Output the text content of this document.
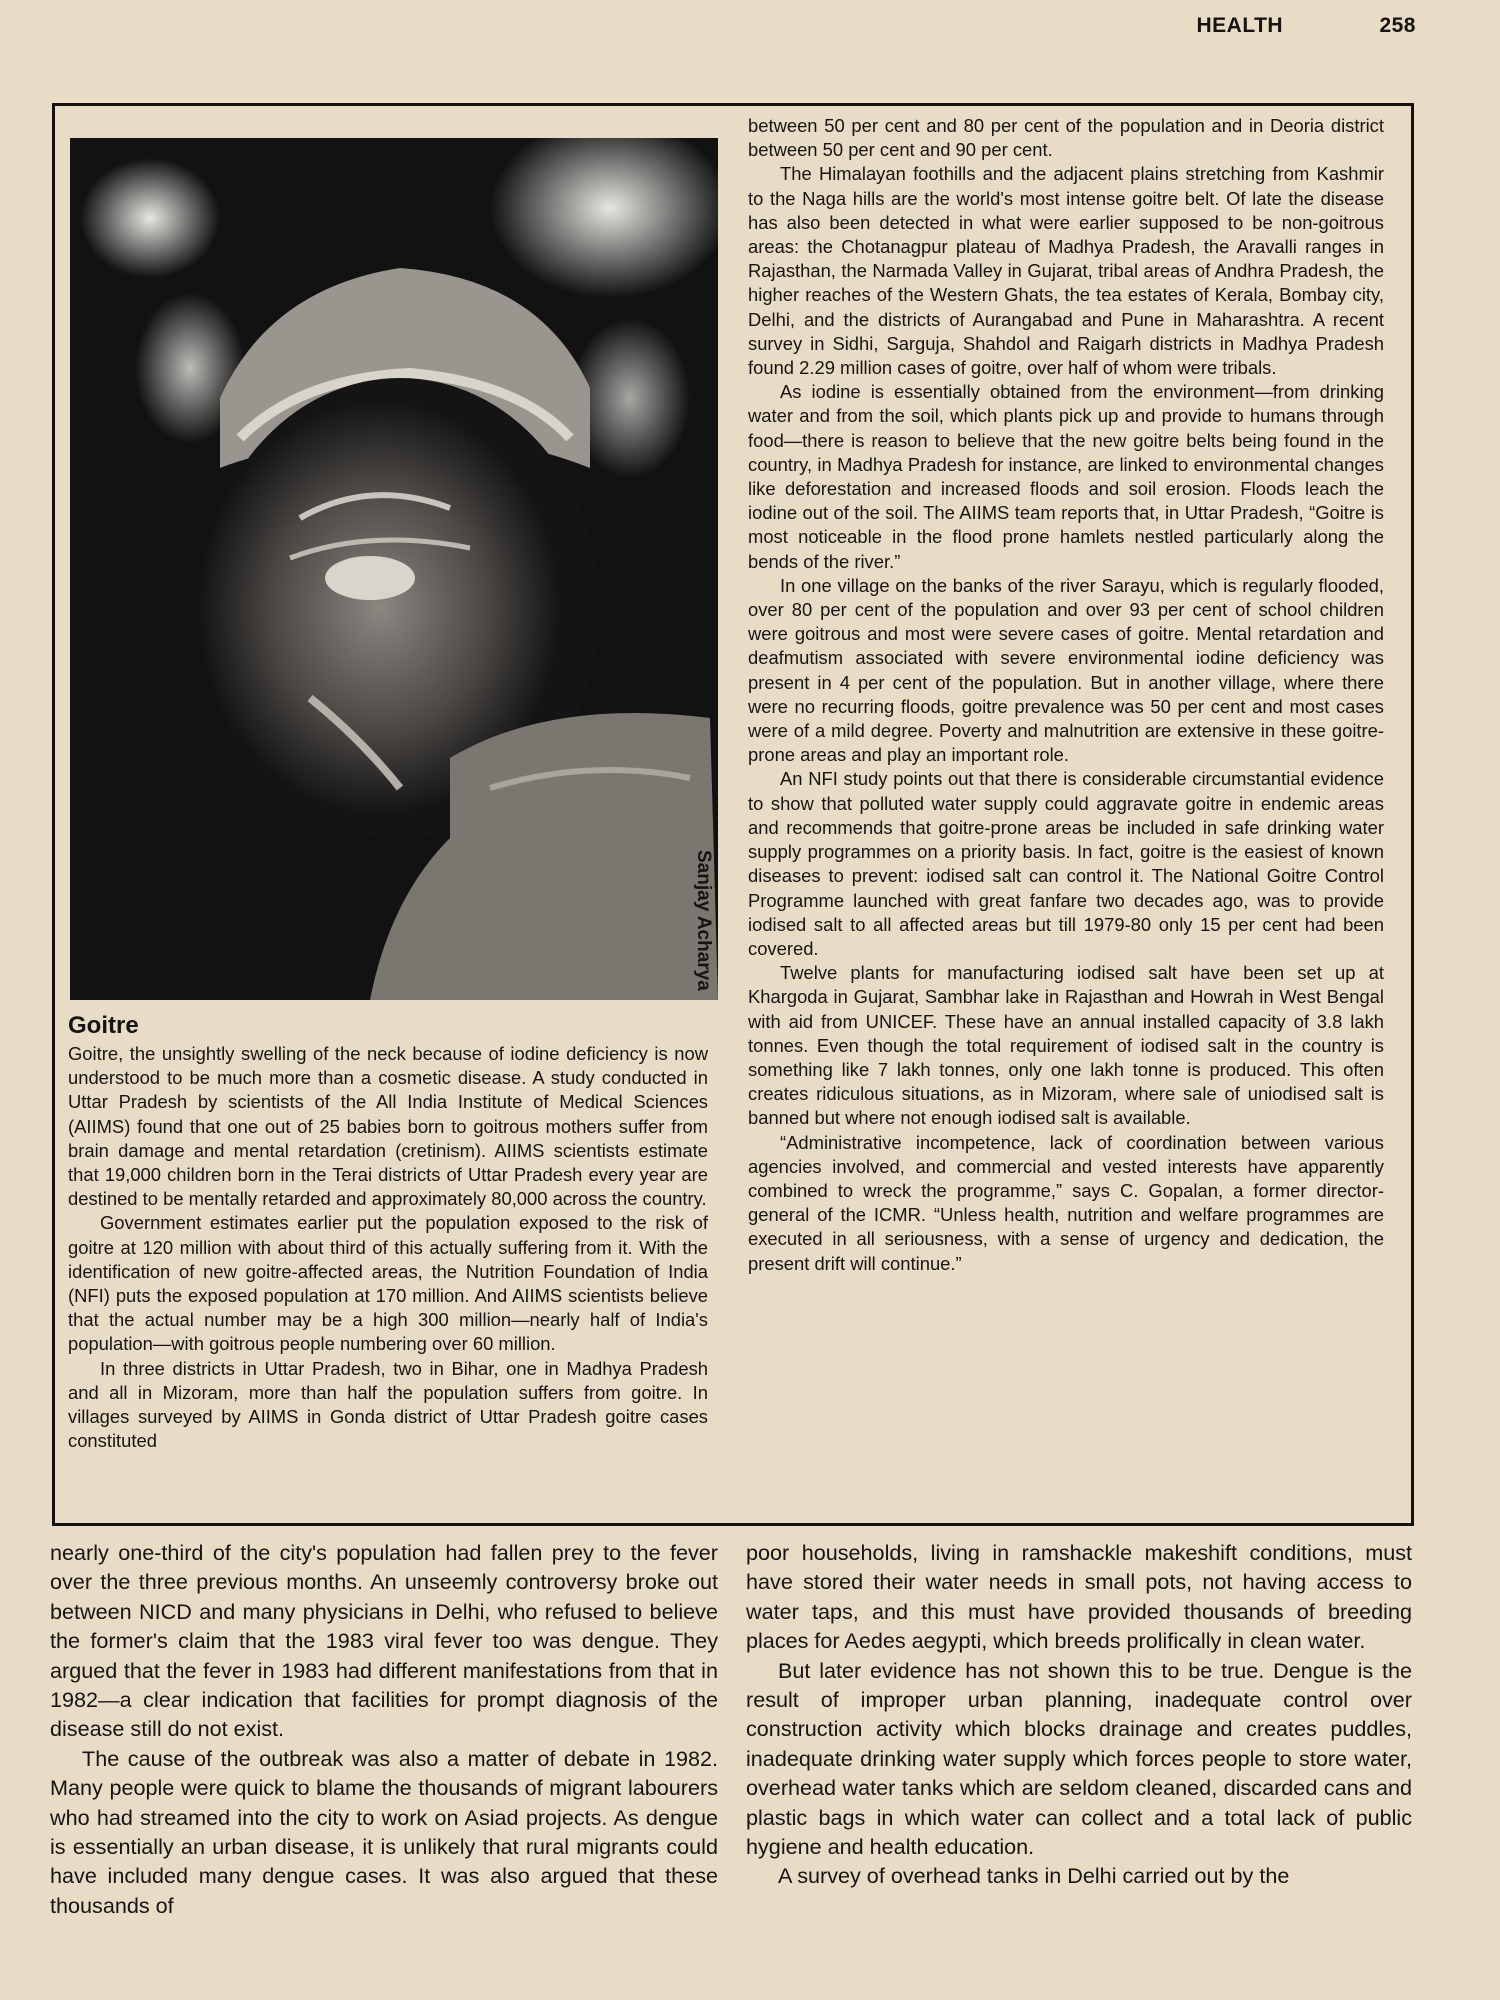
HEALTH	258
Sanjay Acharya
Goitre

Goitre, the unsightly swelling of the neck because of iodine deficiency is now understood to be much more than a cosmetic disease. A study conducted in Uttar Pradesh by scientists of the All India Institute of Medical Sciences (AIIMS) found that one out of 25 babies born to goitrous mothers suffer from brain damage and mental retardation (cretinism). AIIMS scientists estimate that 19,000 children born in the Terai districts of Uttar Pradesh every year are destined to be mentally retarded and approximately 80,000 across the country.

Government estimates earlier put the population exposed to the risk of goitre at 120 million with about third of this actually suffering from it. With the identification of new goitre-affected areas, the Nutrition Foundation of India (NFI) puts the exposed population at 170 million. And AIIMS scientists believe that the actual number may be a high 300 million—nearly half of India's population—with goitrous people numbering over 60 million.

In three districts in Uttar Pradesh, two in Bihar, one in Madhya Pradesh and all in Mizoram, more than half the population suffers from goitre. In villages surveyed by AIIMS in Gonda district of Uttar Pradesh goitre cases constituted

between 50 per cent and 80 per cent of the population and in Deoria district between 50 per cent and 90 per cent.

The Himalayan foothills and the adjacent plains stretching from Kashmir to the Naga hills are the world's most intense goitre belt. Of late the disease has also been detected in what were earlier supposed to be non-goitrous areas: the Chotanagpur plateau of Madhya Pradesh, the Aravalli ranges in Rajasthan, the Narmada Valley in Gujarat, tribal areas of Andhra Pradesh, the higher reaches of the Western Ghats, the tea estates of Kerala, Bombay city, Delhi, and the districts of Aurangabad and Pune in Maharashtra. A recent survey in Sidhi, Sarguja, Shahdol and Raigarh districts in Madhya Pradesh found 2.29 million cases of goitre, over half of whom were tribals.

As iodine is essentially obtained from the environment—from drinking water and from the soil, which plants pick up and provide to humans through food—there is reason to believe that the new goitre belts being found in the country, in Madhya Pradesh for instance, are linked to environmental changes like deforestation and increased floods and soil erosion. Floods leach the iodine out of the soil. The AIIMS team reports that, in Uttar Pradesh, “Goitre is most noticeable in the flood prone hamlets nestled particularly along the bends of the river.”

In one village on the banks of the river Sarayu, which is regularly flooded, over 80 per cent of the population and over 93 per cent of school children were goitrous and most were severe cases of goitre. Mental retardation and deafmutism associated with severe environmental iodine deficiency was present in 4 per cent of the population. But in another village, where there were no recurring floods, goitre prevalence was 50 per cent and most cases were of a mild degree. Poverty and malnutrition are extensive in these goitre-prone areas and play an important role.

An NFI study points out that there is considerable circumstantial evidence to show that polluted water supply could aggravate goitre in endemic areas and recommends that goitre-prone areas be included in safe drinking water supply programmes on a priority basis. In fact, goitre is the easiest of known diseases to prevent: iodised salt can control it. The National Goitre Control Programme launched with great fanfare two decades ago, was to provide iodised salt to all affected areas but till 1979-80 only 15 per cent had been covered.

Twelve plants for manufacturing iodised salt have been set up at Khargoda in Gujarat, Sambhar lake in Rajasthan and Howrah in West Bengal with aid from UNICEF. These have an annual installed capacity of 3.8 lakh tonnes. Even though the total requirement of iodised salt in the country is something like 7 lakh tonnes, only one lakh tonne is produced. This often creates ridiculous situations, as in Mizoram, where sale of uniodised salt is banned but where not enough iodised salt is available.

“Administrative incompetence, lack of coordination between various agencies involved, and commercial and vested interests have apparently combined to wreck the programme,” says C. Gopalan, a former director-general of the ICMR. “Unless health, nutrition and welfare programmes are executed in all seriousness, with a sense of urgency and dedication, the present drift will continue.”

nearly one-third of the city's population had fallen prey to the fever over the three previous months. An unseemly controversy broke out between NICD and many physicians in Delhi, who refused to believe the former's claim that the 1983 viral fever too was dengue. They argued that the fever in 1983 had different manifestations from that in 1982—a clear indication that facilities for prompt diagnosis of the disease still do not exist.

The cause of the outbreak was also a matter of debate in 1982. Many people were quick to blame the thousands of migrant labourers who had streamed into the city to work on Asiad projects. As dengue is essentially an urban disease, it is unlikely that rural migrants could have included many dengue cases. It was also argued that these thousands of

poor households, living in ramshackle makeshift conditions, must have stored their water needs in small pots, not having access to water taps, and this must have provided thousands of breeding places for Aedes aegypti, which breeds prolifically in clean water.

But later evidence has not shown this to be true. Dengue is the result of improper urban planning, inadequate control over construction activity which blocks drainage and creates puddles, inadequate drinking water supply which forces people to store water, overhead water tanks which are seldom cleaned, discarded cans and plastic bags in which water can collect and a total lack of public hygiene and health education.

A survey of overhead tanks in Delhi carried out by the
